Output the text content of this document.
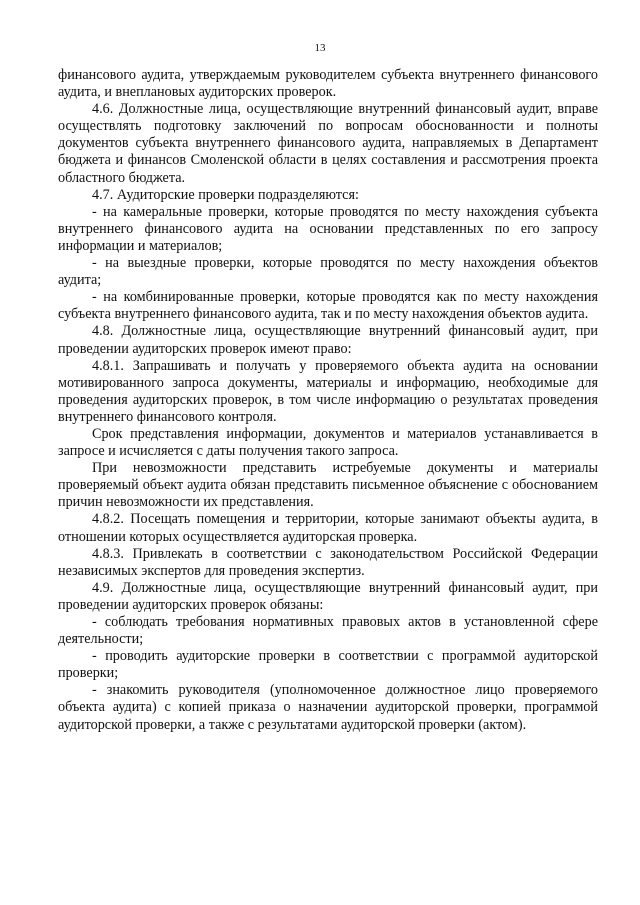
13

финансового аудита, утверждаемым руководителем субъекта внутреннего финансового аудита, и внеплановых аудиторских проверок.

4.6. Должностные лица, осуществляющие внутренний финансовый аудит, вправе осуществлять подготовку заключений по вопросам обоснованности и полноты документов субъекта внутреннего финансового аудита, направляемых в Департамент бюджета и финансов Смоленской области в целях составления и рассмотрения проекта областного бюджета.

4.7. Аудиторские проверки подразделяются:

- на камеральные проверки, которые проводятся по месту нахождения субъекта внутреннего финансового аудита на основании представленных по его запросу информации и материалов;

- на выездные проверки, которые проводятся по месту нахождения объектов аудита;

- на комбинированные проверки, которые проводятся как по месту нахождения субъекта внутреннего финансового аудита, так и по месту нахождения объектов аудита.

4.8. Должностные лица, осуществляющие внутренний финансовый аудит, при проведении аудиторских проверок имеют право:

4.8.1. Запрашивать и получать у проверяемого объекта аудита на основании мотивированного запроса документы, материалы и информацию, необходимые для проведения аудиторских проверок, в том числе информацию о результатах проведения внутреннего финансового контроля.

Срок представления информации, документов и материалов устанавливается в запросе и исчисляется с даты получения такого запроса.

При невозможности представить истребуемые документы и материалы проверяемый объект аудита обязан представить письменное объяснение с обоснованием причин невозможности их представления.

4.8.2. Посещать помещения и территории, которые занимают объекты аудита, в отношении которых осуществляется аудиторская проверка.

4.8.3. Привлекать в соответствии с законодательством Российской Федерации независимых экспертов для проведения экспертиз.

4.9. Должностные лица, осуществляющие внутренний финансовый аудит, при проведении аудиторских проверок обязаны:

- соблюдать требования нормативных правовых актов в установленной сфере деятельности;

- проводить аудиторские проверки в соответствии с программой аудиторской проверки;

- знакомить руководителя (уполномоченное должностное лицо проверяемого объекта аудита) с копией приказа о назначении аудиторской проверки, программой аудиторской проверки, а также с результатами аудиторской проверки (актом).
